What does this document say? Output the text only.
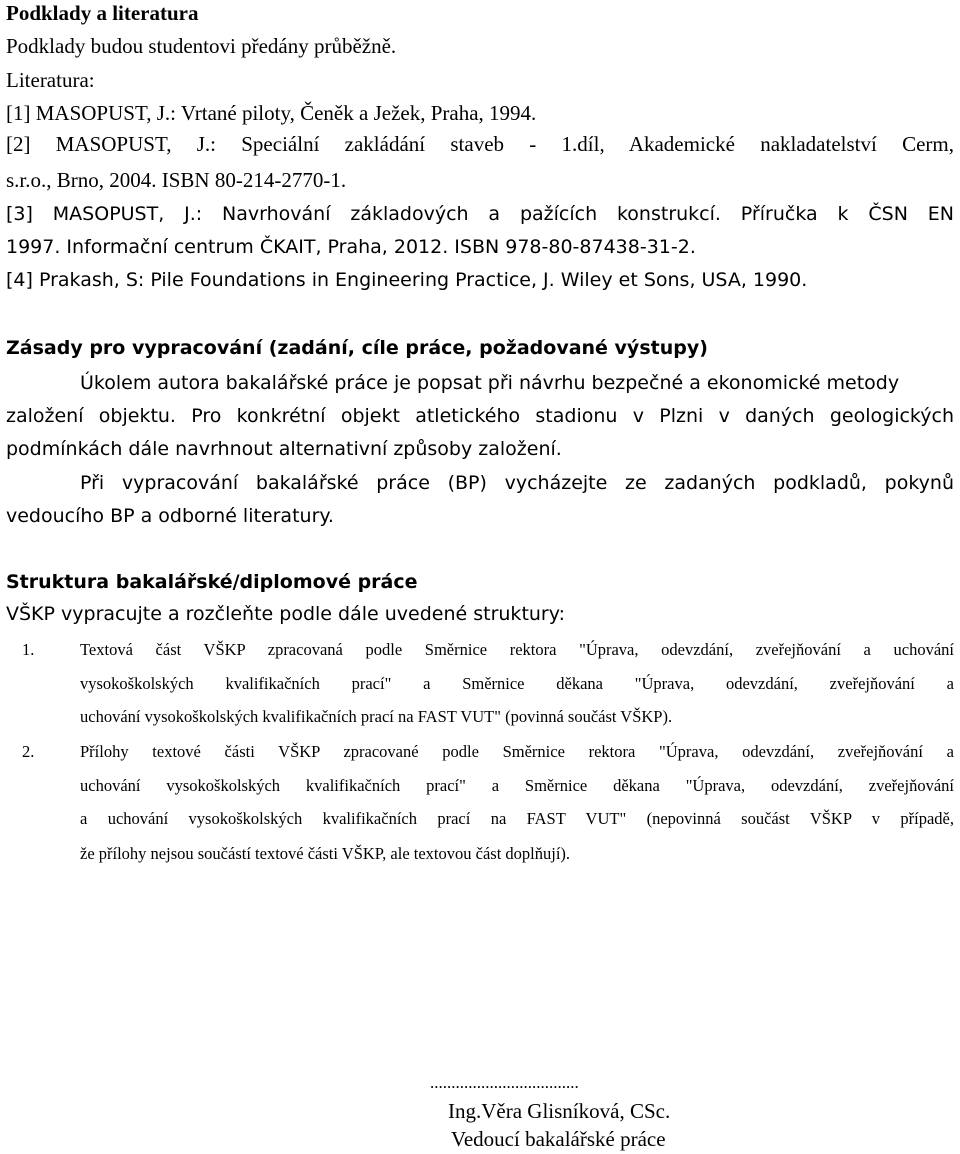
Podklady a literatura
Podklady budou studentovi předány průběžně.
Literatura:
[1] MASOPUST, J.: Vrtané piloty, Čeněk a Ježek, Praha, 1994.
[2] MASOPUST, J.: Speciální zakládání staveb - 1.díl, Akademické nakladatelství Cerm,
s.r.o., Brno, 2004. ISBN 80-214-2770-1.
[3] MASOPUST, J.: Navrhování základových a pažících konstrukcí. Příručka k ČSN EN
1997. Informační centrum ČKAIT, Praha, 2012. ISBN 978-80-87438-31-2.
[4] Prakash, S: Pile Foundations in Engineering Practice, J. Wiley et Sons, USA, 1990.
Zásady pro vypracování (zadání, cíle práce, požadované výstupy)
Úkolem autora bakalářské práce je popsat při návrhu bezpečné a ekonomické metody
založení objektu. Pro konkrétní objekt atletického stadionu v Plzni v daných geologických
podmínkách dále navrhnout alternativní způsoby založení.
Při vypracování bakalářské práce (BP) vycházejte ze zadaných podkladů, pokynů
vedoucího BP a odborné literatury.
Struktura bakalářské/diplomové práce
VŠKP vypracujte a rozčleňte podle dále uvedené struktury:
1.	Textová část VŠKP zpracovaná podle Směrnice rektora "Úprava, odevzdání, zveřejňování a uchování
vysokoškolských kvalifikačních prací" a Směrnice děkana "Úprava, odevzdání, zveřejňování a
uchování vysokoškolských kvalifikačních prací na FAST VUT" (povinná součást VŠKP).
2.	Přílohy textové části VŠKP zpracované podle Směrnice rektora "Úprava, odevzdání, zveřejňování a
uchování vysokoškolských kvalifikačních prací" a Směrnice děkana "Úprava, odevzdání, zveřejňování
a uchování vysokoškolských kvalifikačních prací na FAST VUT" (nepovinná součást VŠKP v případě,
že přílohy nejsou součástí textové části VŠKP, ale textovou část doplňují).
...................................
Ing.Věra Glisníková, CSc.
Vedoucí bakalářské práce
